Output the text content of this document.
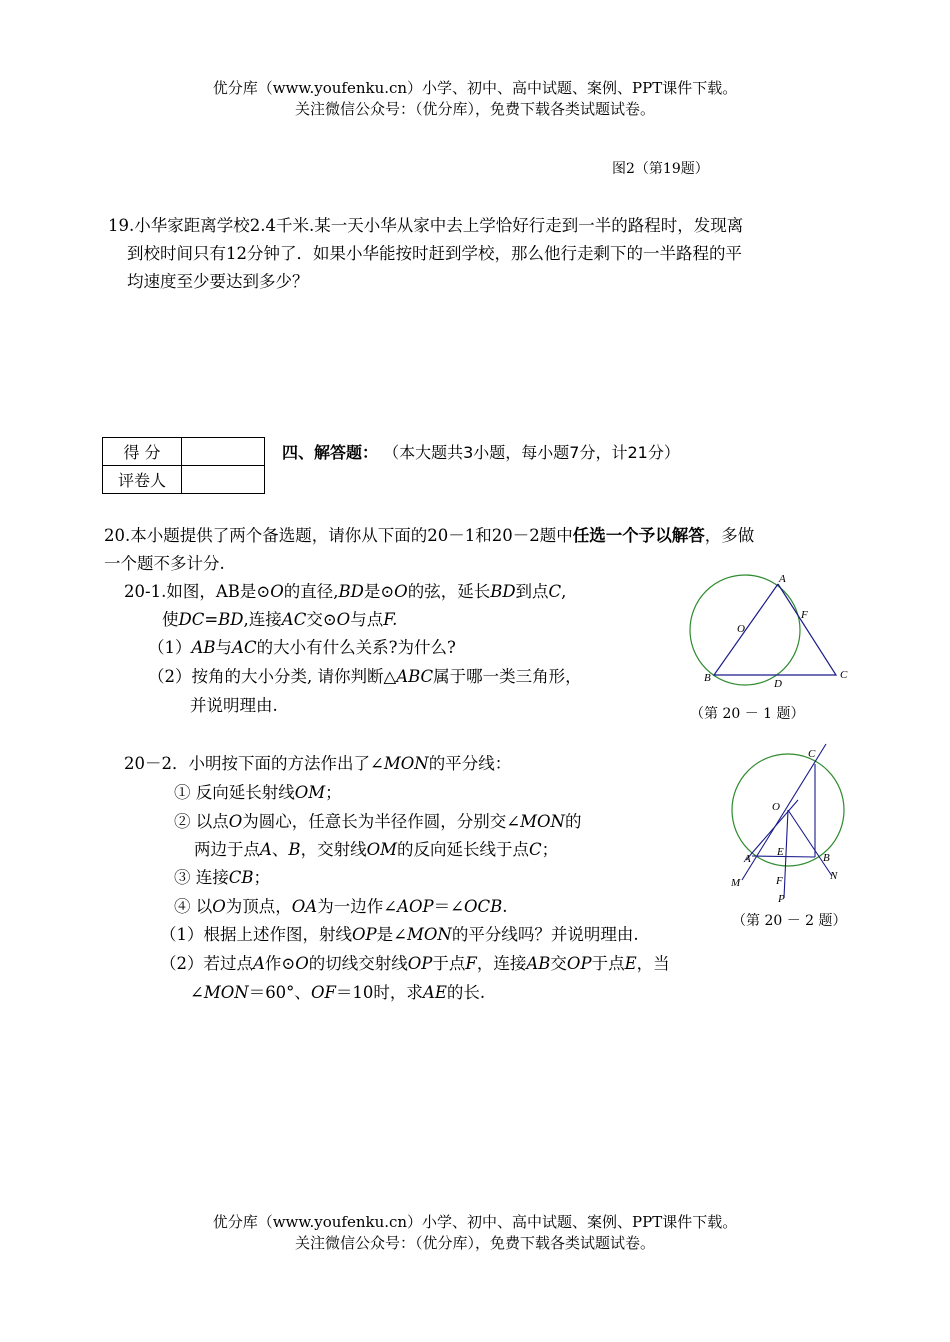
优分库（www.youfenku.cn）小学、初中、高中试题、案例、PPT课件下载。
关注微信公众号：（优分库），免费下载各类试题试卷。
图2（第19题）
19.小华家距离学校2.4千米.某一天小华从家中去上学恰好行走到一半的路程时，发现离
到校时间只有12分钟了．如果小华能按时赶到学校，那么他行走剩下的一半路程的平
均速度至少要达到多少？
得 分	
评卷人	
四、解答题： （本大题共3小题，每小题7分，计21分）
20.本小题提供了两个备选题，请你从下面的20－1和20－2题中任选一个予以解答，多做
一个题不多计分.
20-1.如图，AB是⊙O的直径,BD是⊙O的弦，延长BD到点C,
使DC=BD,连接AC交⊙O与点F.
（1）AB与AC的大小有什么关系?为什么?
（2）按角的大小分类, 请你判断△ABC属于哪一类三角形，
并说明理由.
A
F
O
B	D
C
（第 20 － 1 题）
20－2．小明按下面的方法作出了∠MON的平分线：
① 反向延长射线OM；
② 以点O为圆心，任意长为半径作圆，分别交∠MON的
两边于点A、B，交射线OM的反向延长线于点C；
③ 连接CB；
④ 以O为顶点，OA为一边作∠AOP＝∠OCB.
（1）根据上述作图，射线OP是∠MON的平分线吗？并说明理由.
（2）若过点A作⊙O的切线交射线OP于点F，连接AB交OP于点E，当
∠MON＝60°、OF＝10时，求AE的长.
C
O
E
A	B
M	F	N
P
（第 20 － 2 题）
优分库（www.youfenku.cn）小学、初中、高中试题、案例、PPT课件下载。
关注微信公众号：（优分库），免费下载各类试题试卷。
